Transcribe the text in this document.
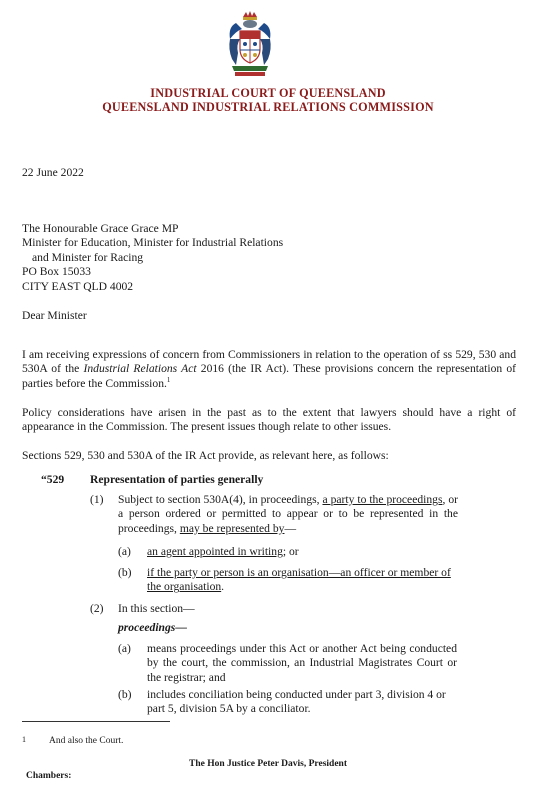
INDUSTRIAL COURT OF QUEENSLAND
QUEENSLAND INDUSTRIAL RELATIONS COMMISSION
22 June 2022
The Honourable Grace Grace MP
Minister for Education, Minister for Industrial Relations
and Minister for Racing
PO Box 15033
CITY EAST QLD 4002
Dear Minister
I am receiving expressions of concern from Commissioners in relation to the operation of ss 529, 530 and 530A of the Industrial Relations Act 2016 (the IR Act). These provisions concern the representation of parties before the Commission.$^1$
Policy considerations have arisen in the past as to the extent that lawyers should have a right of appearance in the Commission. The present issues though relate to other issues.
Sections 529, 530 and 530A of the IR Act provide, as relevant here, as follows:
“529 Representation of parties generally
(1) Subject to section 530A(4), in proceedings, a party to the proceedings, or a person ordered or permitted to appear or to be represented in the proceedings, may be represented by—
(a) an agent appointed in writing; or
(b) if the party or person is an organisation—an officer or member of the organisation.
(2) In this section—
proceedings—
(a) means proceedings under this Act or another Act being conducted by the court, the commission, an Industrial Magistrates Court or the registrar; and
(b) includes conciliation being conducted under part 3, division 4 or part 5, division 5A by a conciliator.
1 And also the Court.
The Hon Justice Peter Davis, President
Chambers:
